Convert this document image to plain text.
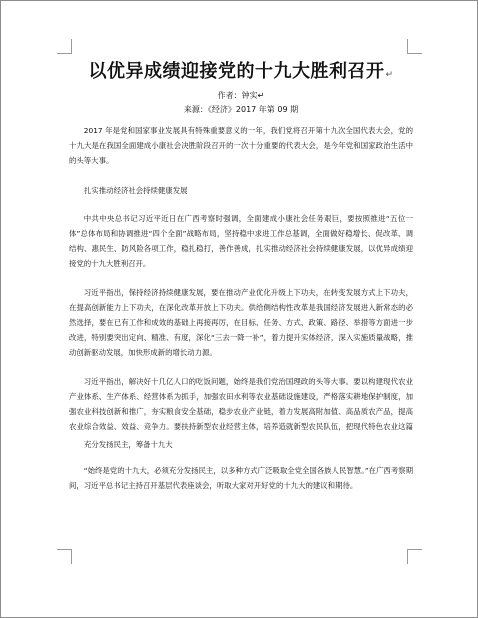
以优异成绩迎接党的十九大胜利召开↵
作者：钟实↵
来源：《经济》2017 年第 09 期

2017 年是党和国家事业发展具有特殊重要意义的一年，我们党将召开第十九次全国代表大会，党的十九大是在我国全面建成小康社会决胜阶段召开的一次十分重要的代表大会，是今年党和国家政治生活中的头等大事。

扎实推动经济社会持续健康发展

中共中央总书记习近平近日在广西考察时强调，全面建成小康社会任务艰巨，要按照推进“五位一体”总体布局和协调推进“四个全面”战略布局，坚持稳中求进工作总基调，全面做好稳增长、促改革、调结构、惠民生、防风险各项工作，稳扎稳打，善作善成，扎实推动经济社会持续健康发展，以优异成绩迎接党的十九大胜利召开。

习近平指出，保持经济持续健康发展，要在推动产业优化升级上下功夫，在转变发展方式上下功夫，在提高创新能力上下功夫，在深化改革开放上下功夫。供给侧结构性改革是我国经济发展进入新常态的必然选择，要在已有工作和成效的基础上再接再厉，在目标、任务、方式、政策、路径、举措等方面进一步改进，特别要突出定向、精准、有度，深化“三去一降一补”，着力提升实体经济，深入实施质量战略，推动创新驱动发展，加快形成新的增长动力源。

习近平指出，解决好十几亿人口的吃饭问题，始终是我们党治国理政的头等大事。要以构建现代农业产业体系、生产体系、经营体系为抓手，加强农田水利等农业基础设施建设，严格落实耕地保护制度，加强农业科技创新和推广，夯实粮食安全基础，稳步农业产业链，着力发展高附加值、高品质农产品，提高农业综合效益、效益、竞争力。要扶持新型农业经营主体，培养造就新型农民队伍，把现代特色农业这篇

充分发扬民主，筹备十九大

“始终是党的十九大，必须充分发扬民主，以多种方式广泛吸取全党全国各族人民智慧。”在广西考察期间，习近平总书记主持召开基层代表座谈会，听取大家对开好党的十九大的建议和期待。
